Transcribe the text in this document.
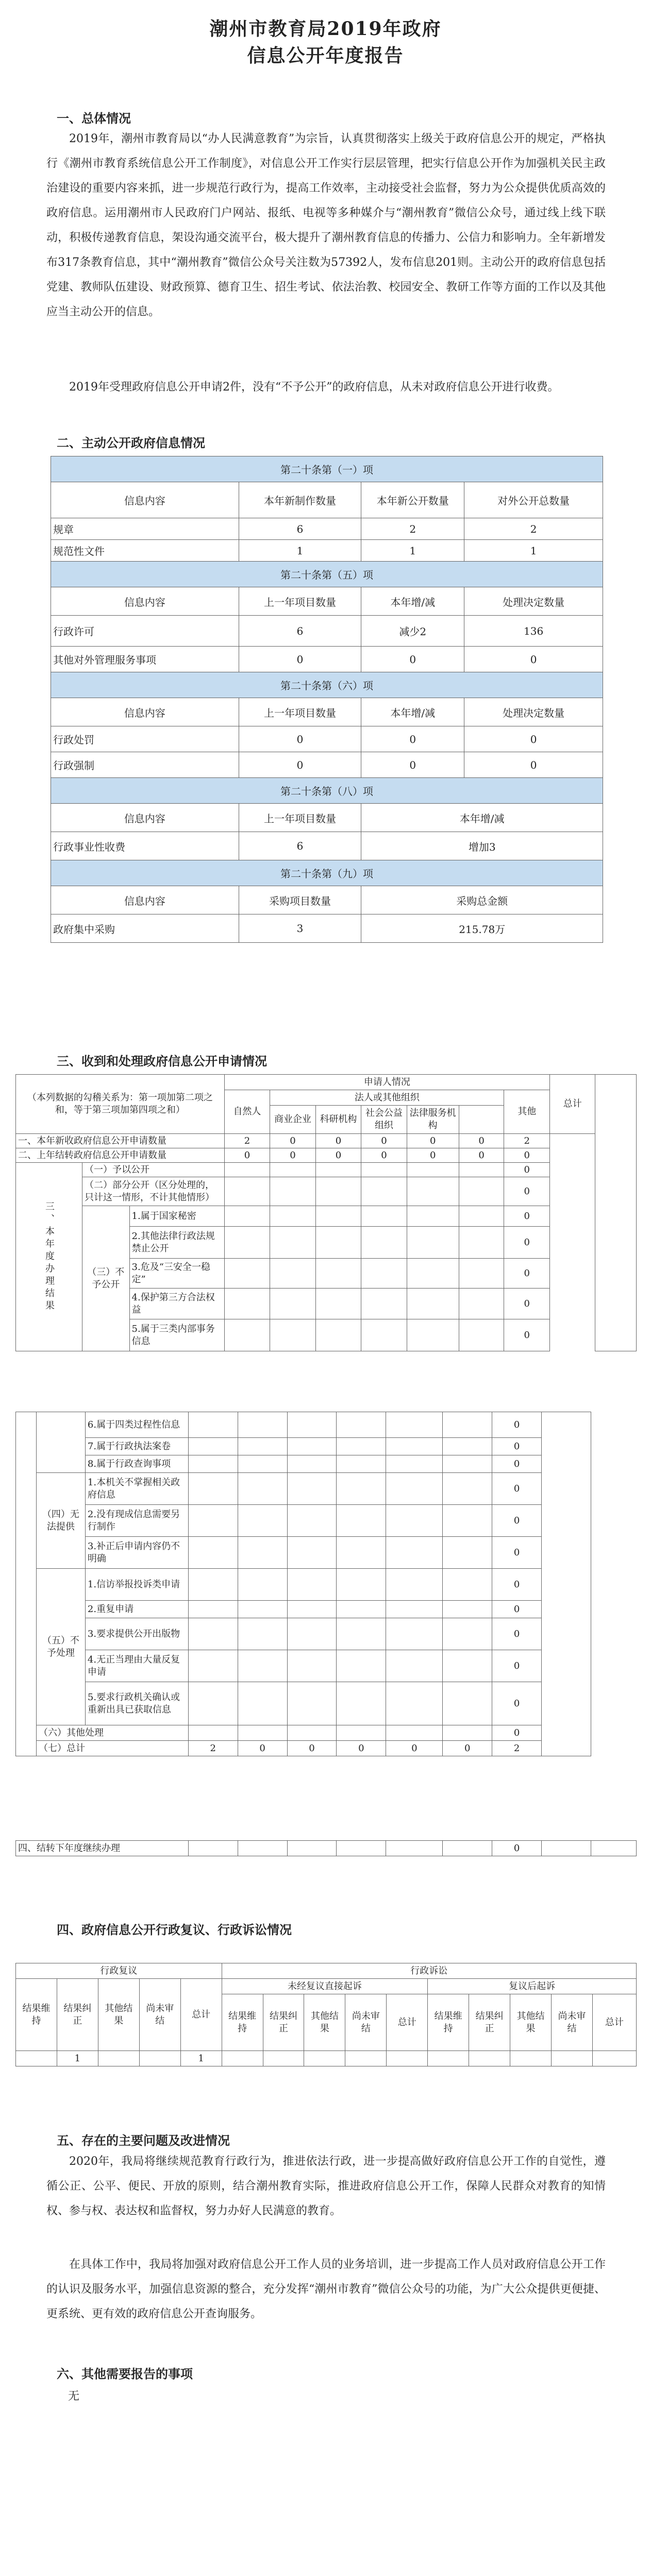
潮州市教育局2019年政府
信息公开年度报告
一、总体情况
2019年，潮州市教育局以“办人民满意教育”为宗旨，认真贯彻落实上级关于政府信息公开的规定，严格执行《潮州市教育系统信息公开工作制度》，对信息公开工作实行层层管理，把实行信息公开作为加强机关民主政治建设的重要内容来抓，进一步规范行政行为，提高工作效率，主动接受社会监督，努力为公众提供优质高效的政府信息。运用潮州市人民政府门户网站、报纸、电视等多种媒介与“潮州教育”微信公众号，通过线上线下联动，积极传递教育信息，架设沟通交流平台，极大提升了潮州教育信息的传播力、公信力和影响力。全年新增发布317条教育信息，其中“潮州教育”微信公众号关注数为57392人，发布信息201则。主动公开的政府信息包括党建、教师队伍建设、财政预算、德育卫生、招生考试、依法治教、校园安全、教研工作等方面的工作以及其他应当主动公开的信息。
2019年受理政府信息公开申请2件，没有“不予公开”的政府信息，从未对政府信息公开进行收费。
二、主动公开政府信息情况
第二十条第（一）项			
信息内容	本年新制作数量	本年新公开数量	对外公开总数量
规章	6	2	2
规范性文件	1	1	1
第二十条第（五）项			
信息内容	上一年项目数量	本年增/减	处理决定数量
行政许可	6	减少2	136
其他对外管理服务事项	0	0	0
第二十条第（六）项			
信息内容	上一年项目数量	本年增/减	处理决定数量
行政处罚	0	0	0
行政强制	0	0	0
第二十条第（八）项			
信息内容	上一年项目数量	本年增/减	
行政事业性收费	6	增加3	
第二十条第（九）项			
信息内容	采购项目数量	采购总金额	
政府集中采购	3	215.78万	
三、收到和处理政府信息公开申请情况
（本列数据的勾稽关系为：第一项加第二项之和，等于第三项加第四项之和）			申请人情况							总计	
			自然人	法人或其他组织					其他		
				商业企业	科研机构	社会公益组织	法律服务机构			
一、本年新收政府信息公开申请数量			2	0	0	0	0	0	2		
二、上年结转政府信息公开申请数量			0	0	0	0	0	0	0		
三、本年度办理结果	（一）予以公开								0		
	（二）部分公开（区分处理的，只计这一情形，不计其他情形）								0		
	（三）不予公开	1.属于国家秘密							0		
		2.其他法律行政法规禁止公开							0		
		3.危及“三安全一稳定”							0		
		4.保护第三方合法权益							0		
		5.属于三类内部事务信息							0		
		6.属于四类过程性信息							0	
		7.属于行政执法案卷							0	
		8.属于行政查询事项							0	
	（四）无法提供	1.本机关不掌握相关政府信息							0	
		2.没有现成信息需要另行制作							0	
		3.补正后申请内容仍不明确							0	
	（五）不予处理	1.信访举报投诉类申请							0	
		2.重复申请							0	
		3.要求提供公开出版物							0	
		4.无正当理由大量反复申请							0	
		5.要求行政机关确认或重新出具已获取信息							0	
	（六）其他处理								0	
	（七）总计		2	0	0	0	0	0	2	
四、结转下年度继续办理							0		
四、政府信息公开行政复议、行政诉讼情况
行政复议					行政诉讼									
结果维持	结果纠正	其他结果	尚未审结	总计	未经复议直接起诉					复议后起诉				
					结果维持	结果纠正	其他结果	尚未审结	总计	结果维持	结果纠正	其他结果	尚未审结	总计
	1			1										
五、存在的主要问题及改进情况
2020年，我局将继续规范教育行政行为，推进依法行政，进一步提高做好政府信息公开工作的自觉性，遵循公正、公平、便民、开放的原则，结合潮州教育实际，推进政府信息公开工作，保障人民群众对教育的知情权、参与权、表达权和监督权，努力办好人民满意的教育。
在具体工作中，我局将加强对政府信息公开工作人员的业务培训，进一步提高工作人员对政府信息公开工作的认识及服务水平，加强信息资源的整合，充分发挥“潮州市教育”微信公众号的功能，为广大公众提供更便捷、更系统、更有效的政府信息公开查询服务。
六、其他需要报告的事项
无
